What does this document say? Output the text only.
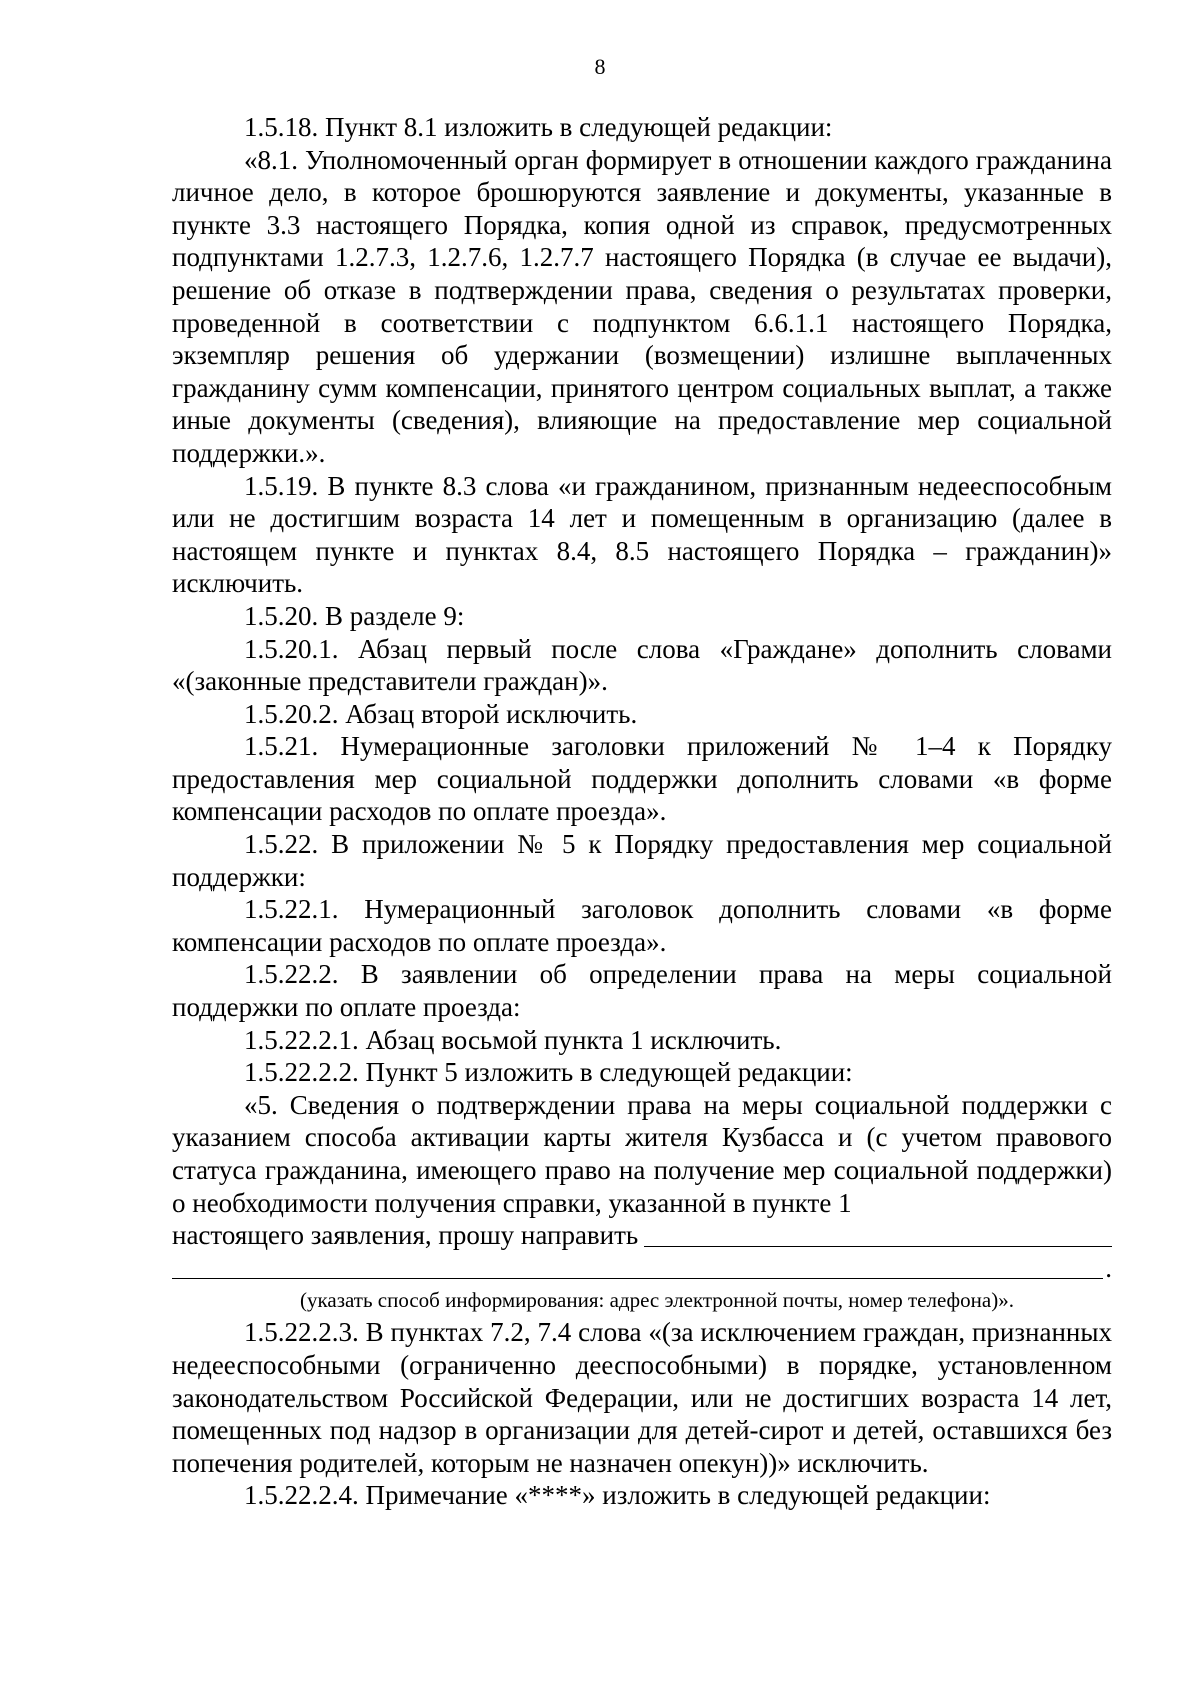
8

1.5.18. Пункт 8.1 изложить в следующей редакции:

«8.1. Уполномоченный орган формирует в отношении каждого гражданина личное дело, в которое брошюруются заявление и документы, указанные в пункте 3.3 настоящего Порядка, копия одной из справок, предусмотренных подпунктами 1.2.7.3, 1.2.7.6, 1.2.7.7 настоящего Порядка (в случае ее выдачи), решение об отказе в подтверждении права, сведения о результатах проверки, проведенной в соответствии с подпунктом 6.6.1.1 настоящего Порядка, экземпляр решения об удержании (возмещении) излишне выплаченных гражданину сумм компенсации, принятого центром социальных выплат, а также иные документы (сведения), влияющие на предоставление мер социальной поддержки.».

1.5.19. В пункте 8.3 слова «и гражданином, признанным недееспособным или не достигшим возраста 14 лет и помещенным в организацию (далее в настоящем пункте и пунктах 8.4, 8.5 настоящего Порядка – гражданин)» исключить.

1.5.20. В разделе 9:

1.5.20.1. Абзац первый после слова «Граждане» дополнить словами «(законные представители граждан)».

1.5.20.2. Абзац второй исключить.

1.5.21. Нумерационные заголовки приложений № 1–4 к Порядку предоставления мер социальной поддержки дополнить словами «в форме компенсации расходов по оплате проезда».

1.5.22. В приложении № 5 к Порядку предоставления мер социальной поддержки:

1.5.22.1. Нумерационный заголовок дополнить словами «в форме компенсации расходов по оплате проезда».

1.5.22.2. В заявлении об определении права на меры социальной поддержки по оплате проезда:

1.5.22.2.1. Абзац восьмой пункта 1 исключить.

1.5.22.2.2. Пункт 5 изложить в следующей редакции:

«5. Сведения о подтверждении права на меры социальной поддержки с указанием способа активации карты жителя Кузбасса и (с учетом правового статуса гражданина, имеющего право на получение мер социальной поддержки) о необходимости получения справки, указанной в пункте 1

настоящего заявления, прошу направить
.

(указать способ информирования: адрес электронной почты, номер телефона)».

1.5.22.2.3. В пунктах 7.2, 7.4 слова «(за исключением граждан, признанных недееспособными (ограниченно дееспособными) в порядке, установленном законодательством Российской Федерации, или не достигших возраста 14 лет, помещенных под надзор в организации для детей-сирот и детей, оставшихся без попечения родителей, которым не назначен опекун))» исключить.

1.5.22.2.4. Примечание «****» изложить в следующей редакции:
